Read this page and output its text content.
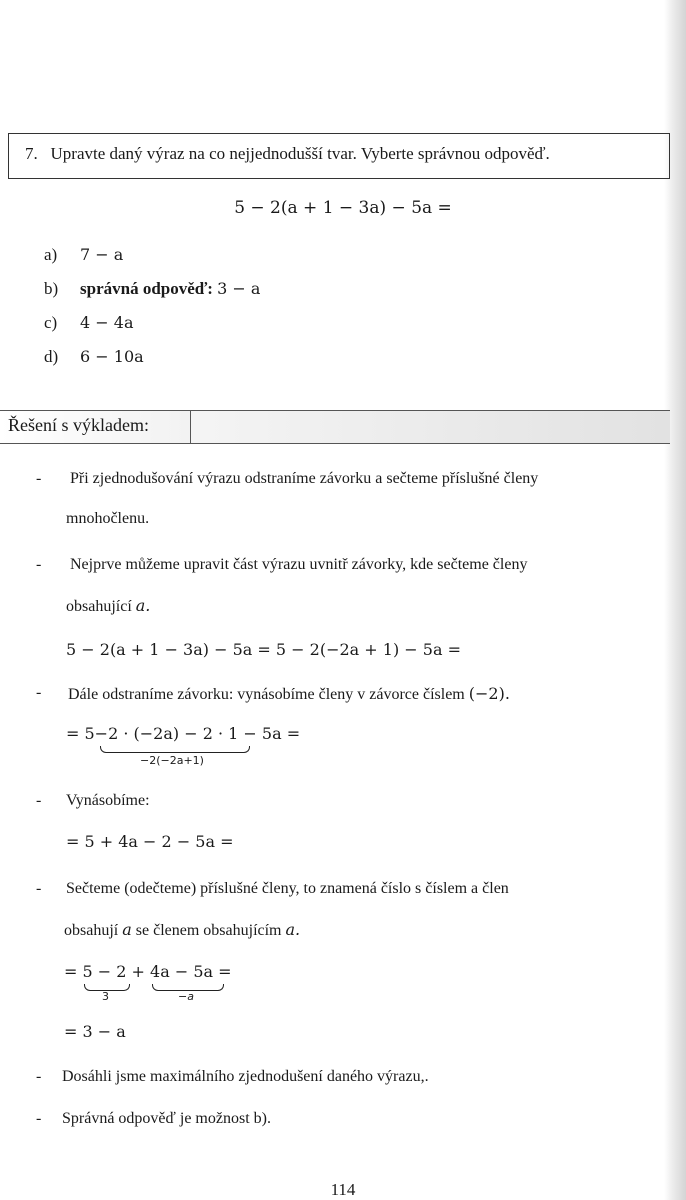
7. Upravte daný výraz na co nejjednodušší tvar. Vyberte správnou odpověď.
5 − 2(a + 1 − 3a) − 5a =
a) 7 − a
b) správná odpověď: 3 − a
c) 4 − 4a
d) 6 − 10a
Řešení s výkladem:
- Při zjednodušování výrazu odstraníme závorku a sečteme příslušné členy
mnohočlenu.
- Nejprve můžeme upravit část výrazu uvnitř závorky, kde sečteme členy
obsahující a.
5 − 2(a + 1 − 3a) − 5a = 5 − 2(−2a + 1) − 5a =
- Dále odstraníme závorku: vynásobíme členy v závorce číslem (−2).
= 5−2 · (−2a) − 2 · 1 − 5a =
−2(−2a+1)
- Vynásobíme:
= 5 + 4a − 2 − 5a =
- Sečteme (odečteme) příslušné členy, to znamená číslo s číslem a člen
obsahují a se členem obsahujícím a.
= 5 − 2 + 4a − 5a =
3	−a
= 3 − a
- Dosáhli jsme maximálního zjednodušení daného výrazu,.
- Správná odpověď je možnost b).
114
